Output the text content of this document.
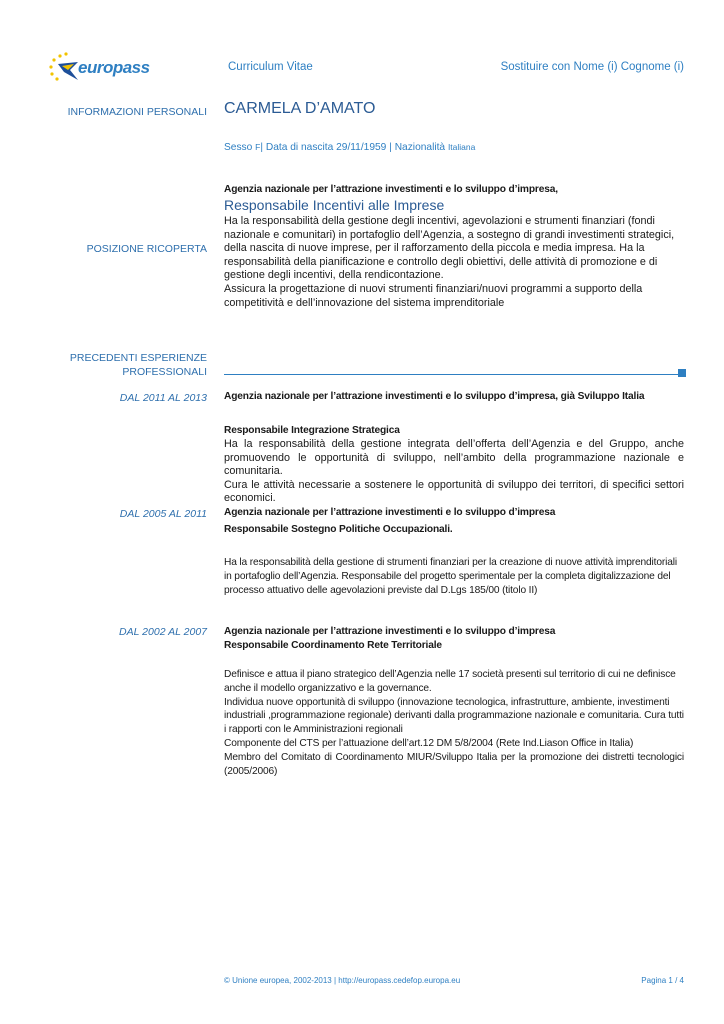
europass	Curriculum Vitae	Sostituire con Nome (i) Cognome (i)
INFORMAZIONI PERSONALI CARMELA D’AMATO
Sesso F| Data di nascita 29/11/1959 | Nazionalità Italiana
POSIZIONE RICOPERTA
Agenzia nazionale per l’attrazione investimenti e lo sviluppo d’impresa,
Responsabile Incentivi alle Imprese

Ha la responsabilità della gestione degli incentivi, agevolazioni e strumenti finanziari (fondi nazionale e comunitari) in portafoglio dell’Agenzia, a sostegno di grandi investimenti strategici, della nascita di nuove imprese, per il rafforzamento della piccola e media impresa. Ha la responsabilità della pianificazione e controllo degli obiettivi, delle attività di promozione e di gestione degli incentivi, della rendicontazione.

Assicura la progettazione di nuovi strumenti finanziari/nuovi programmi a supporto della competitività e dell’innovazione del sistema imprenditoriale

PRECEDENTI ESPERIENZE
PROFESSIONALI
DAL 2011 AL 2013 Agenzia nazionale per l’attrazione investimenti e lo sviluppo d’impresa, già Sviluppo Italia
Responsabile Integrazione Strategica

Ha la responsabilità della gestione integrata dell’offerta dell’Agenzia e del Gruppo, anche promuovendo le opportunità di sviluppo, nell’ambito della programmazione nazionale e comunitaria.

Cura le attività necessarie a sostenere le opportunità di sviluppo dei territori, di specifici settori economici.

DAL 2005 AL 2011 Agenzia nazionale per l’attrazione investimenti e lo sviluppo d’impresa
Responsabile Sostegno Politiche Occupazionali.

Ha la responsabilità della gestione di strumenti finanziari per la creazione di nuove attività imprenditoriali in portafoglio dell’Agenzia. Responsabile del progetto sperimentale per la completa digitalizzazione del processo attuativo delle agevolazioni previste dal D.Lgs 185/00 (titolo II)

DAL 2002 AL 2007 Agenzia nazionale per l’attrazione investimenti e lo sviluppo d’impresa
Responsabile Coordinamento Rete Territoriale

Definisce e attua il piano strategico dell’Agenzia nelle 17 società presenti sul territorio di cui ne definisce anche il modello organizzativo e la governance.

Individua nuove opportunità di sviluppo (innovazione tecnologica, infrastrutture, ambiente, investimenti industriali ,programmazione regionale) derivanti dalla programmazione nazionale e comunitaria. Cura tutti i rapporti con le Amministrazioni regionali

Componente del CTS per l’attuazione dell’art.12 DM 5/8/2004 (Rete Ind.Liason Office in Italia)

Membro del Comitato di Coordinamento MIUR/Sviluppo Italia per la promozione dei distretti tecnologici (2005/2006)

© Unione europea, 2002-2013 | http://europass.cedefop.europa.eu	Pagina 1 / 4
